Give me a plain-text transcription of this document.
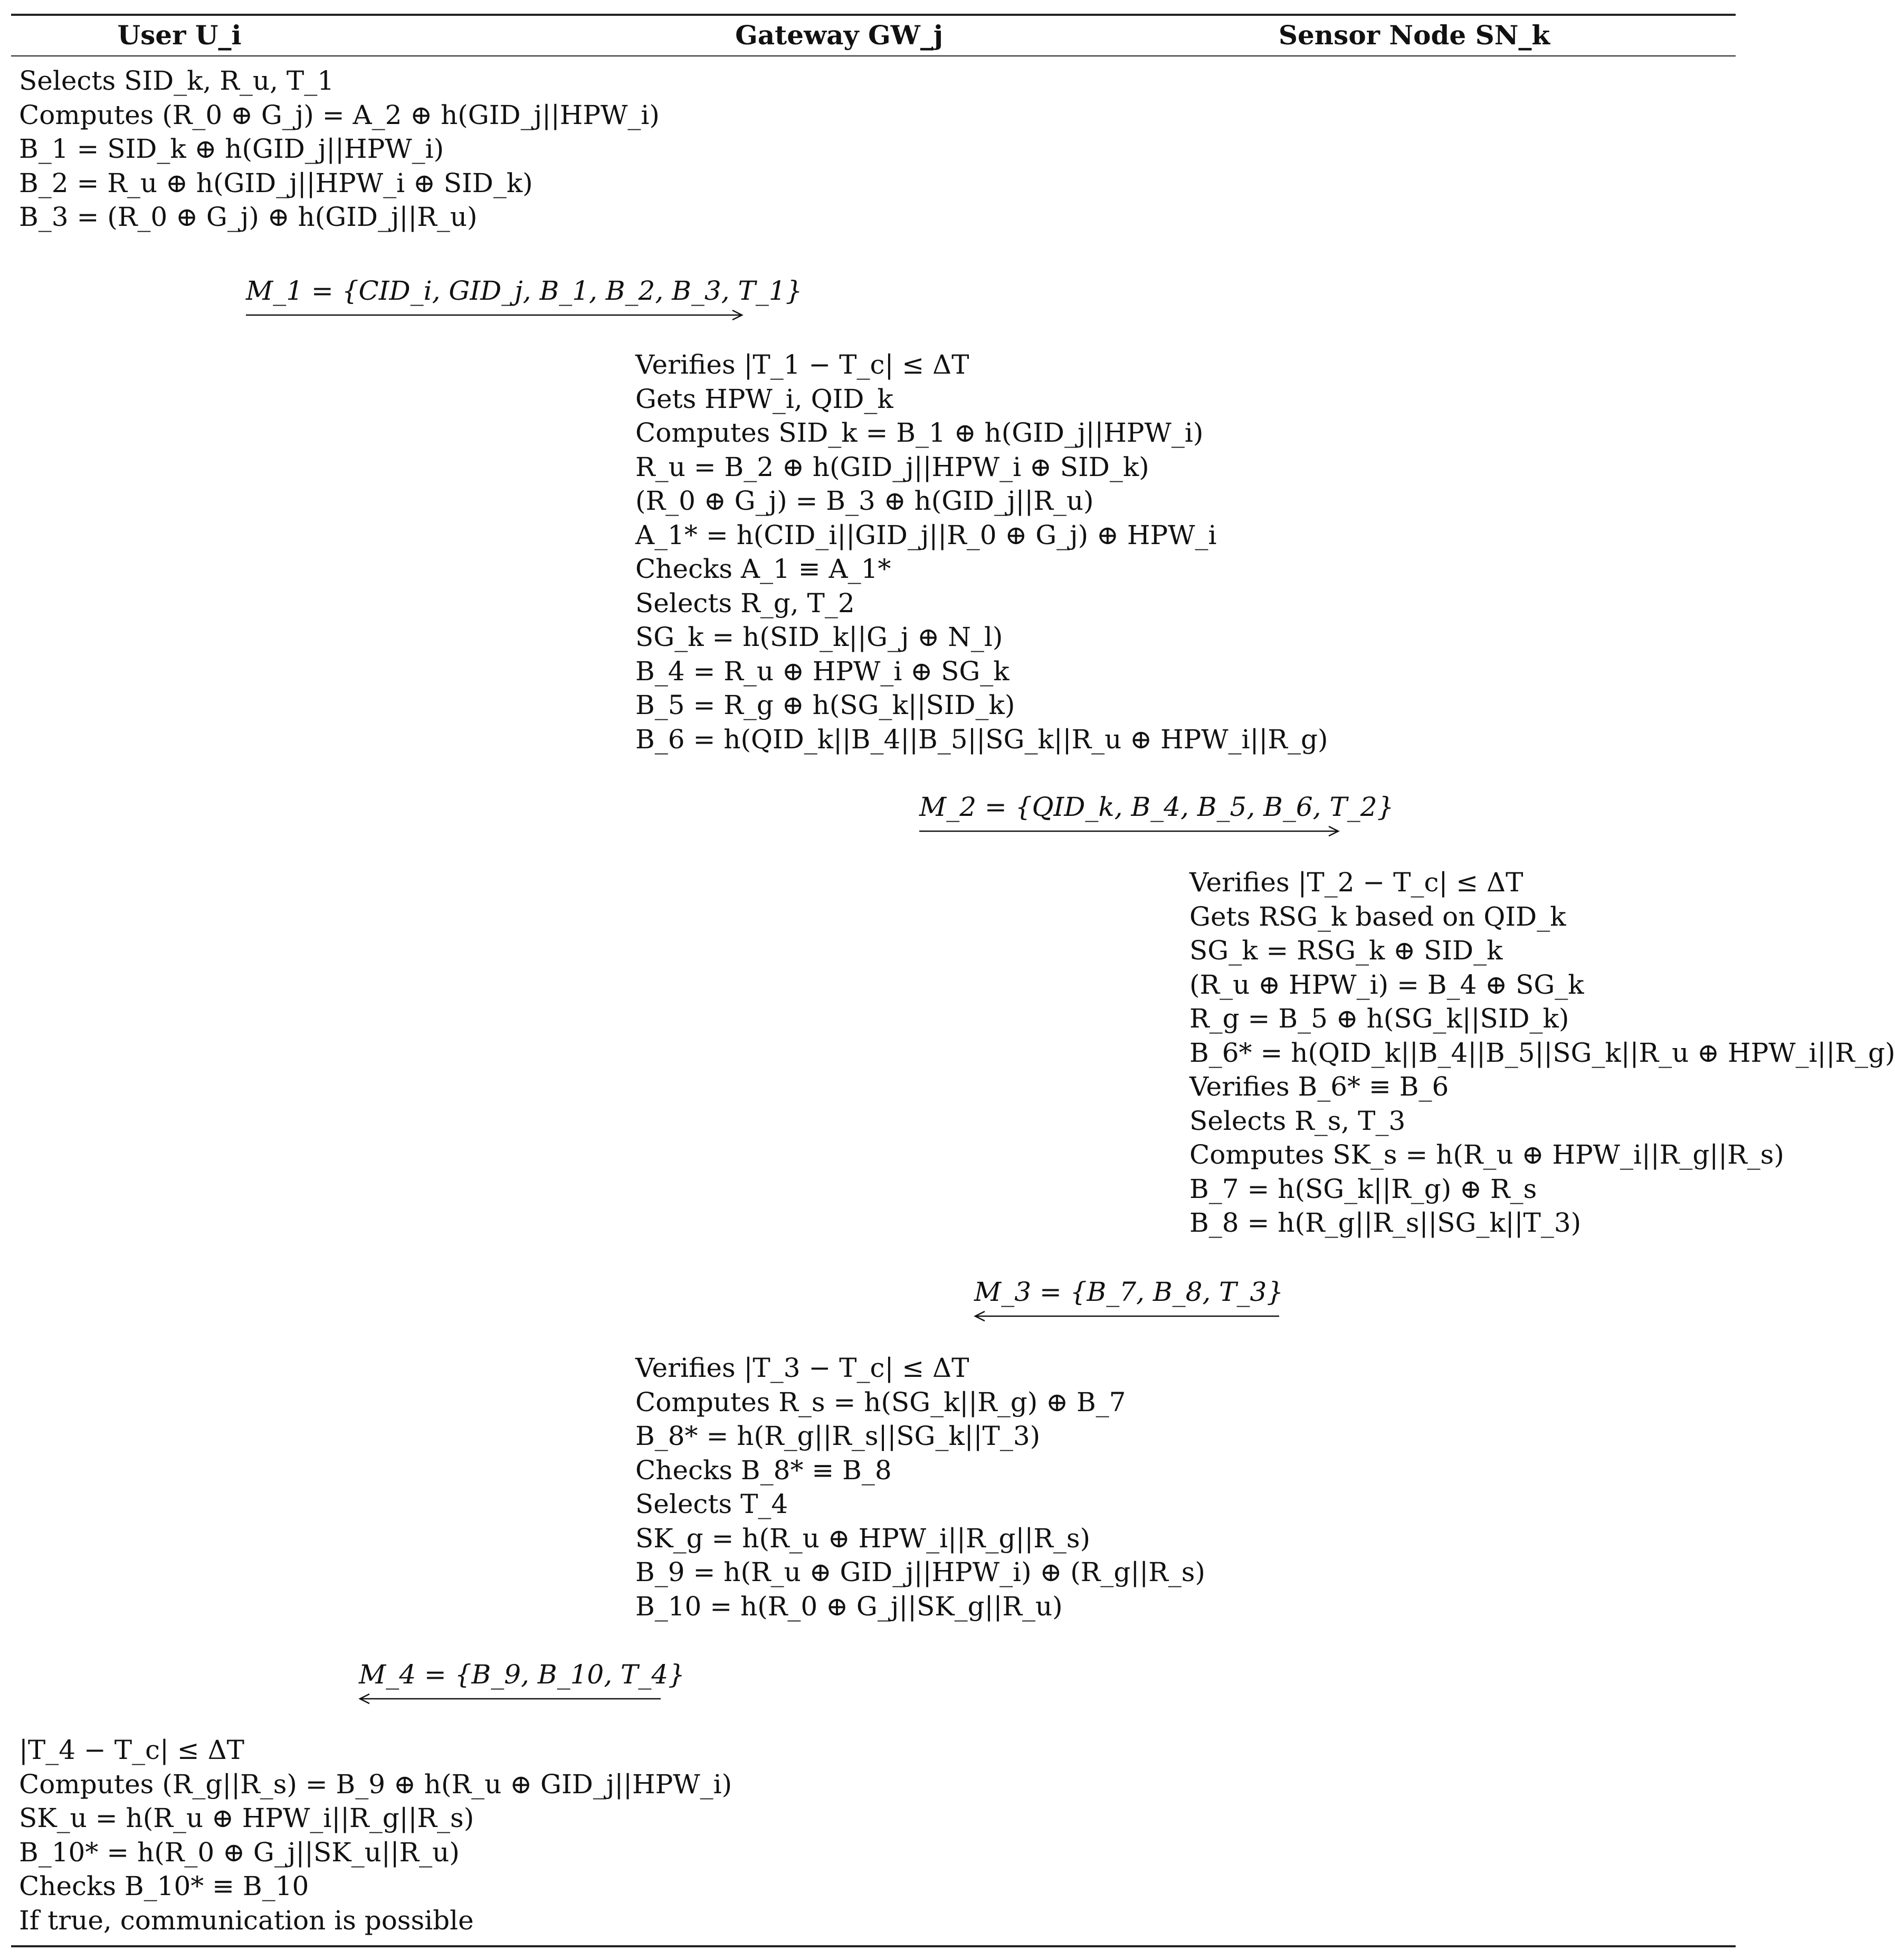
User U_i	Gateway GW_j	Sensor Node SN_k
Selects SID_k, R_u, T_1
Computes (R_0 ⊕ G_j) = A_2 ⊕ h(GID_j||HPW_i)
B_1 = SID_k ⊕ h(GID_j||HPW_i)
B_2 = R_u ⊕ h(GID_j||HPW_i ⊕ SID_k)
B_3 = (R_0 ⊕ G_j) ⊕ h(GID_j||R_u)
M_1 = {CID_i, GID_j, B_1, B_2, B_3, T_1}
Verifies |T_1 − T_c| ≤ ΔT
Gets HPW_i, QID_k
Computes SID_k = B_1 ⊕ h(GID_j||HPW_i)
R_u = B_2 ⊕ h(GID_j||HPW_i ⊕ SID_k)
(R_0 ⊕ G_j) = B_3 ⊕ h(GID_j||R_u)
A_1* = h(CID_i||GID_j||R_0 ⊕ G_j) ⊕ HPW_i
Checks A_1 ≡ A_1*
Selects R_g, T_2
SG_k = h(SID_k||G_j ⊕ N_l)
B_4 = R_u ⊕ HPW_i ⊕ SG_k
B_5 = R_g ⊕ h(SG_k||SID_k)
B_6 = h(QID_k||B_4||B_5||SG_k||R_u ⊕ HPW_i||R_g)
M_2 = {QID_k, B_4, B_5, B_6, T_2}
Verifies |T_2 − T_c| ≤ ΔT
Gets RSG_k based on QID_k
SG_k = RSG_k ⊕ SID_k
(R_u ⊕ HPW_i) = B_4 ⊕ SG_k
R_g = B_5 ⊕ h(SG_k||SID_k)
B_6* = h(QID_k||B_4||B_5||SG_k||R_u ⊕ HPW_i||R_g)
Verifies B_6* ≡ B_6
Selects R_s, T_3
Computes SK_s = h(R_u ⊕ HPW_i||R_g||R_s)
B_7 = h(SG_k||R_g) ⊕ R_s
B_8 = h(R_g||R_s||SG_k||T_3)
M_3 = {B_7, B_8, T_3}
Verifies |T_3 − T_c| ≤ ΔT
Computes R_s = h(SG_k||R_g) ⊕ B_7
B_8* = h(R_g||R_s||SG_k||T_3)
Checks B_8* ≡ B_8
Selects T_4
SK_g = h(R_u ⊕ HPW_i||R_g||R_s)
B_9 = h(R_u ⊕ GID_j||HPW_i) ⊕ (R_g||R_s)
B_10 = h(R_0 ⊕ G_j||SK_g||R_u)
M_4 = {B_9, B_10, T_4}
|T_4 − T_c| ≤ ΔT
Computes (R_g||R_s) = B_9 ⊕ h(R_u ⊕ GID_j||HPW_i)
SK_u = h(R_u ⊕ HPW_i||R_g||R_s)
B_10* = h(R_0 ⊕ G_j||SK_u||R_u)
Checks B_10* ≡ B_10
If true, communication is possible
